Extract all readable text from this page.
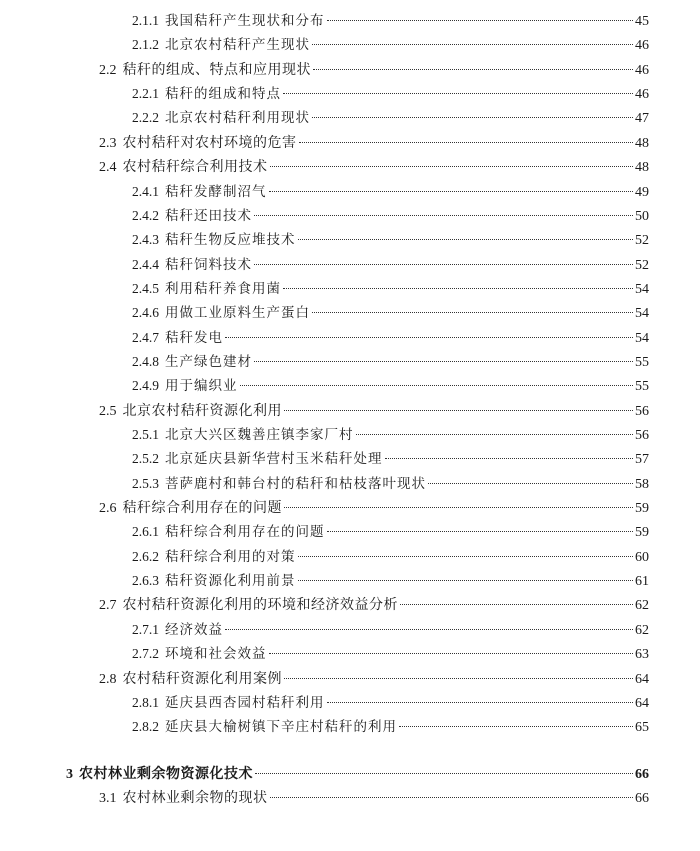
2.1.1 我国秸秆产生现状和分布	45
2.1.2 北京农村秸秆产生现状	46
2.2 秸秆的组成、特点和应用现状	46
2.2.1 秸秆的组成和特点	46
2.2.2 北京农村秸秆利用现状	47
2.3 农村秸秆对农村环境的危害	48
2.4 农村秸秆综合利用技术	48
2.4.1 秸秆发酵制沼气	49
2.4.2 秸秆还田技术	50
2.4.3 秸秆生物反应堆技术	52
2.4.4 秸秆饲料技术	52
2.4.5 利用秸秆养食用菌	54
2.4.6 用做工业原料生产蛋白	54
2.4.7 秸秆发电	54
2.4.8 生产绿色建材	55
2.4.9 用于编织业	55
2.5 北京农村秸秆资源化利用	56
2.5.1 北京大兴区魏善庄镇李家厂村	56
2.5.2 北京延庆县新华营村玉米秸秆处理	57
2.5.3 菩萨鹿村和韩台村的秸秆和枯枝落叶现状	58
2.6 秸秆综合利用存在的问题	59
2.6.1 秸秆综合利用存在的问题	59
2.6.2 秸秆综合利用的对策	60
2.6.3 秸秆资源化利用前景	61
2.7 农村秸秆资源化利用的环境和经济效益分析	62
2.7.1 经济效益	62
2.7.2 环境和社会效益	63
2.8 农村秸秆资源化利用案例	64
2.8.1 延庆县西杏园村秸秆利用	64
2.8.2 延庆县大榆树镇下辛庄村秸秆的利用	65
3 农村林业剩余物资源化技术	66
3.1 农村林业剩余物的现状	66
